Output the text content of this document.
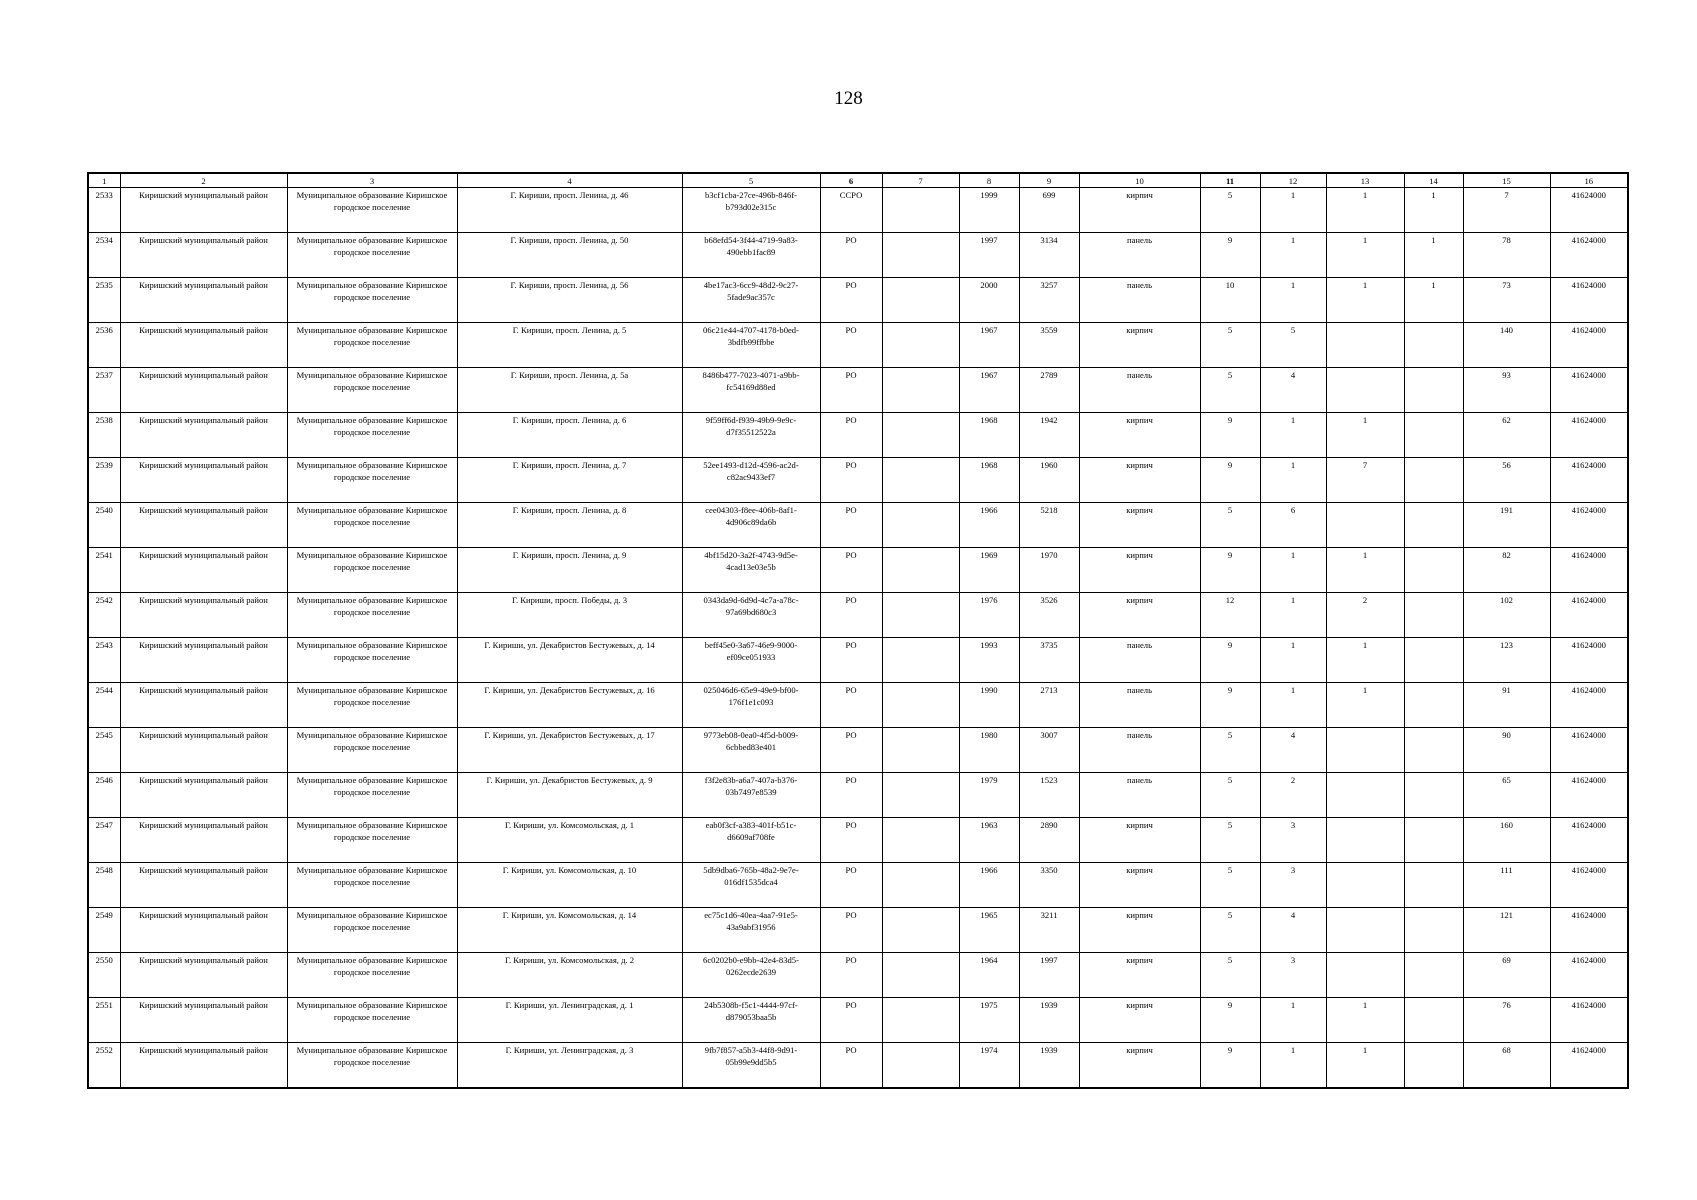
128
1	2	3	4	5	6	7	8	9	10	11	12	13	14	15	16
2533	Киришский муниципальный район	Муниципальное образование Киришское городское поселение	Г. Кириши, просп. Ленина, д. 46	b3cf1cba-27ce-496b-846f-b793d02e315c	ССРО		1999	699	кирпич	5	1	1	1	7	41624000
2534	Киришский муниципальный район	Муниципальное образование Киришское городское поселение	Г. Кириши, просп. Ленина, д. 50	b68efd54-3f44-4719-9a83-490ebb1fac89	РО		1997	3134	панель	9	1	1	1	78	41624000
2535	Киришский муниципальный район	Муниципальное образование Киришское городское поселение	Г. Кириши, просп. Ленина, д. 56	4be17ac3-6cc9-48d2-9c27-5fade9ac357c	РО		2000	3257	панель	10	1	1	1	73	41624000
2536	Киришский муниципальный район	Муниципальное образование Киришское городское поселение	Г. Кириши, просп. Ленина, д. 5	06c21e44-4707-4178-b0ed-3bdfb99ffbbe	РО		1967	3559	кирпич	5	5			140	41624000
2537	Киришский муниципальный район	Муниципальное образование Киришское городское поселение	Г. Кириши, просп. Ленина, д. 5а	8486b477-7023-4071-a9bb-fc54169d88ed	РО		1967	2789	панель	5	4			93	41624000
2538	Киришский муниципальный район	Муниципальное образование Киришское городское поселение	Г. Кириши, просп. Ленина, д. 6	9f59ff6d-f939-49b9-9e9c-d7f35512522a	РО		1968	1942	кирпич	9	1	1		62	41624000
2539	Киришский муниципальный район	Муниципальное образование Киришское городское поселение	Г. Кириши, просп. Ленина, д. 7	52ee1493-d12d-4596-ac2d-c82ac9433ef7	РО		1968	1960	кирпич	9	1	7		56	41624000
2540	Киришский муниципальный район	Муниципальное образование Киришское городское поселение	Г. Кириши, просп. Ленина, д. 8	cee04303-f8ee-406b-8af1-4d906c89da6b	РО		1966	5218	кирпич	5	6			191	41624000
2541	Киришский муниципальный район	Муниципальное образование Киришское городское поселение	Г. Кириши, просп. Ленина, д. 9	4bf15d20-3a2f-4743-9d5e-4cad13e03e5b	РО		1969	1970	кирпич	9	1	1		82	41624000
2542	Киришский муниципальный район	Муниципальное образование Киришское городское поселение	Г. Кириши, просп. Победы, д. 3	0343da9d-6d9d-4c7a-a78c-97a69bd680c3	РО		1976	3526	кирпич	12	1	2		102	41624000
2543	Киришский муниципальный район	Муниципальное образование Киришское городское поселение	Г. Кириши, ул. Декабристов Бестужевых, д. 14	beff45e0-3a67-46e9-9000-ef09ce051933	РО		1993	3735	панель	9	1	1		123	41624000
2544	Киришский муниципальный район	Муниципальное образование Киришское городское поселение	Г. Кириши, ул. Декабристов Бестужевых, д. 16	025046d6-65e9-49e9-bf00-176f1e1c093	РО		1990	2713	панель	9	1	1		91	41624000
2545	Киришский муниципальный район	Муниципальное образование Киришское городское поселение	Г. Кириши, ул. Декабристов Бестужевых, д. 17	9773eb08-0ea0-4f5d-b009-6cbbed83e401	РО		1980	3007	панель	5	4			90	41624000
2546	Киришский муниципальный район	Муниципальное образование Киришское городское поселение	Г. Кириши, ул. Декабристов Бестужевых, д. 9	f3f2e83b-a6a7-407a-b376-03b7497e8539	РО		1979	1523	панель	5	2			65	41624000
2547	Киришский муниципальный район	Муниципальное образование Киришское городское поселение	Г. Кириши, ул. Комсомольская, д. 1	eab0f3cf-a383-401f-b51c-d6609af708fe	РО		1963	2890	кирпич	5	3			160	41624000
2548	Киришский муниципальный район	Муниципальное образование Киришское городское поселение	Г. Кириши, ул. Комсомольская, д. 10	5db9dba6-765b-48a2-9e7e-016df1535dca4	РО		1966	3350	кирпич	5	3			111	41624000
2549	Киришский муниципальный район	Муниципальное образование Киришское городское поселение	Г. Кириши, ул. Комсомольская, д. 14	ec75c1d6-40ea-4aa7-91e5-43a9abf31956	РО		1965	3211	кирпич	5	4			121	41624000
2550	Киришский муниципальный район	Муниципальное образование Киришское городское поселение	Г. Кириши, ул. Комсомольская, д. 2	6c0202b0-e9bb-42e4-83d5-0262ecde2639	РО		1964	1997	кирпич	5	3			69	41624000
2551	Киришский муниципальный район	Муниципальное образование Киришское городское поселение	Г. Кириши, ул. Ленинградская, д. 1	24b5308b-f5c1-4444-97cf-d879053baa5b	РО		1975	1939	кирпич	9	1	1		76	41624000
2552	Киришский муниципальный район	Муниципальное образование Киришское городское поселение	Г. Кириши, ул. Ленинградская, д. 3	9fb7f857-a5b3-44f8-9d91-05b99e9dd5b5	РО		1974	1939	кирпич	9	1	1		68	41624000
